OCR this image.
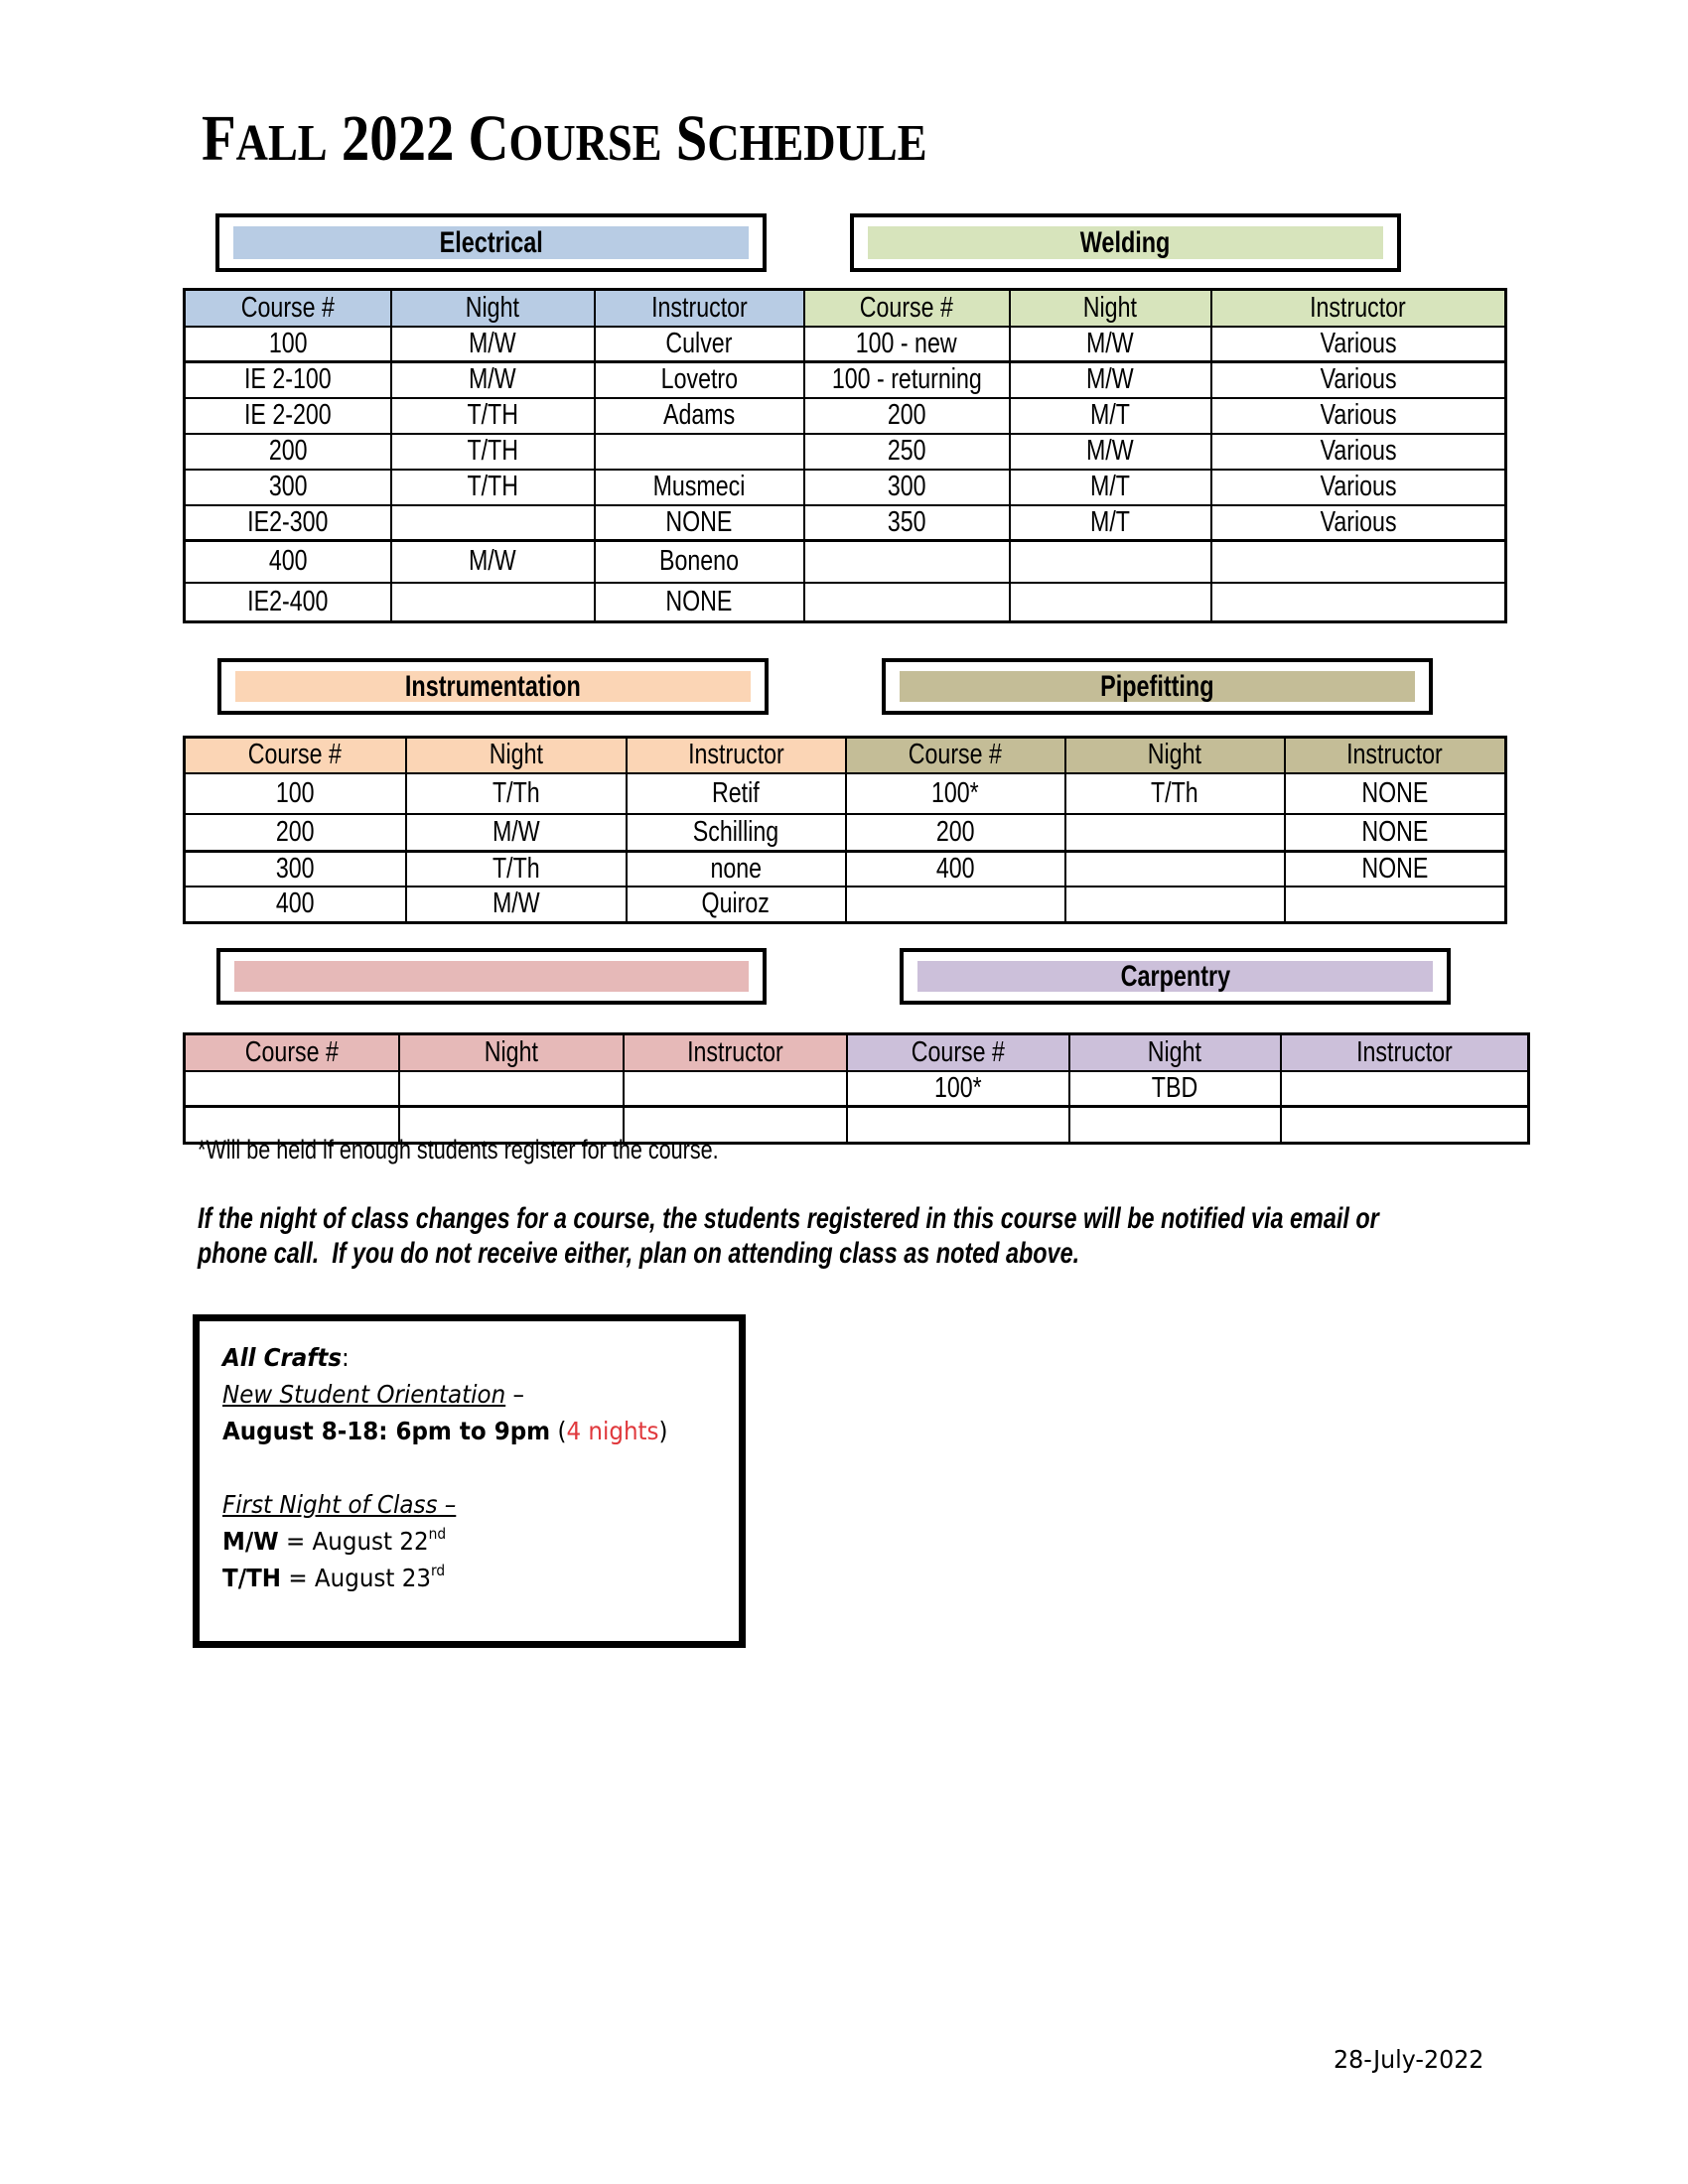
FALL 2022 COURSE SCHEDULE
Electrical	Welding
Course #	Night	Instructor	Course #	Night	Instructor
100	M/W	Culver	100 - new	M/W	Various
IE 2-100	M/W	Lovetro	100 - returning	M/W	Various
IE 2-200	T/TH	Adams	200	M/T	Various
200	T/TH		250	M/W	Various
300	T/TH	Musmeci	300	M/T	Various
IE2-300		NONE	350	M/T	Various
400	M/W	Boneno			
IE2-400		NONE			
Instrumentation	Pipefitting
Course #	Night	Instructor	Course #	Night	Instructor
100	T/Th	Retif	100*	T/Th	NONE
200	M/W	Schilling	200		NONE
300	T/Th	none	400		NONE
400	M/W	Quiroz			
Carpentry
Course #	Night	Instructor	Course #	Night	Instructor
			100*	TBD	

*Will be held if enough students register for the course.
If the night of class changes for a course, the students registered in this course will be notified via email or
phone call.  If you do not receive either, plan on attending class as noted above.
All Crafts:
New Student Orientation –
August 8-18: 6pm to 9pm (4 nights)
First Night of Class –
M/W = August 22nd
T/TH = August 23rd
28-July-2022
